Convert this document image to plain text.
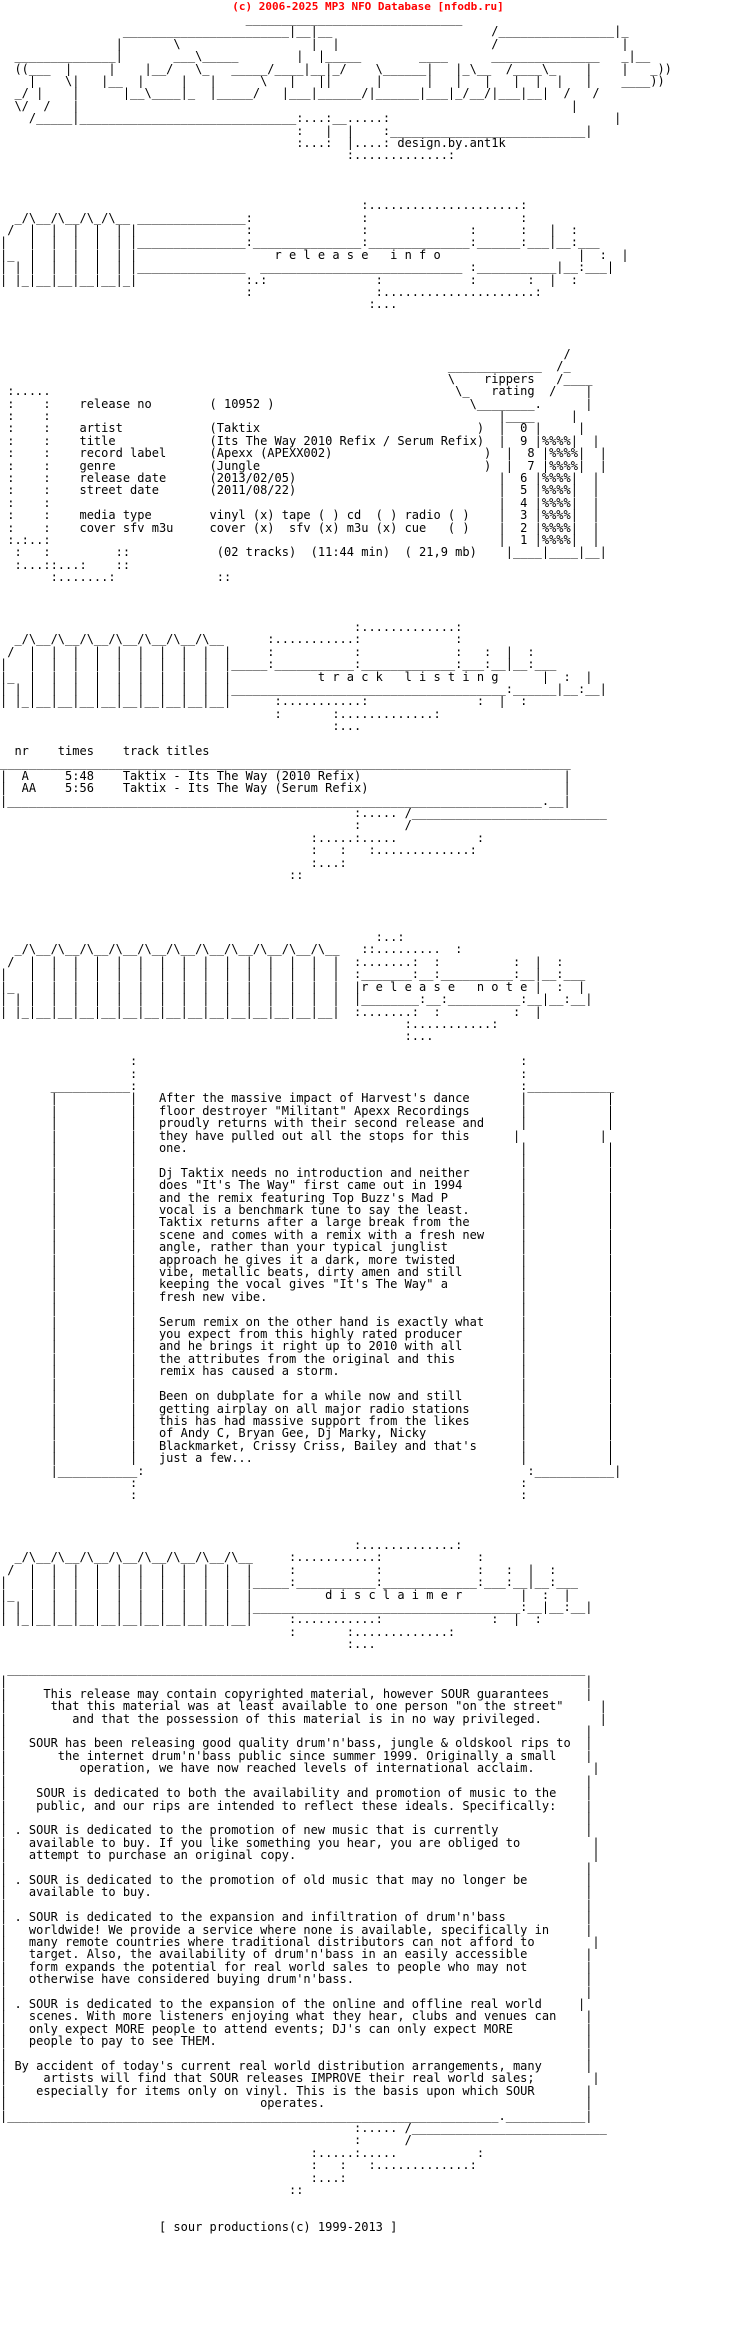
(c) 2006-2025 MP3 NFO Database [nfodb.ru]
______________________________
_______________________|__|__                      /________________|_
|       \                  |  |                     /                 |
______________|       ___\_____        |  |_____        ____      _______________   _|__
((___  |     |    |__/   \_   _____/____|__|_/    \______|   |_\__  /____\_    |    |   _))
|    \|   |__  |     |   |      \   |   ||      |      |   |   |   |  |  |   |    ____))
_/ |    |      |__\____|_  |_____/   |___|______/|______|___|_/__/|___|__|  /   /
\/  /   |                                                                    |
/_____|______________________________:...:__.....:                               |
:   |  |    :___________________________|
:...:  |....: design.by.ant1k
:.............:

:.....................:
_/\__/\__/\_/\__ _______________:               :                     :
/  |  |  |  |  | |               :               :              :      :   |  :
|   |  |  |  |  | |_______________:_______________:______________:______:___|__:___
|_  |  |  |  |  | |                   r e l e a s e   i n f o                   |  :  |
| | |  |  |  |  | |_______________  ____________________________ :___________|__:___|
| |_|__|__|__|__|_|               :.:               :            :       :  |  :
:                 :.....................:
:...

/
_____________  /_
\    rippers   /____
:.....                                                        \_   rating  /    |
:    :    release no        ( 10952 )                           \________.      |
:    :                                                              |____     |
:    :    artist            (Taktix                              )  |  0 |     |
:    :    title             (Its The Way 2010 Refix / Serum Refix)  |  9 |%%%%|  |
:    :    record label      (Apexx (APEXX002)                     )  |  8 |%%%%|  |
:    :    genre             (Jungle                               )  |  7 |%%%%|  |
:    :    release date      (2013/02/05)                            |  6 |%%%%|  |
:    :    street date       (2011/08/22)                            |  5 |%%%%|  |
:    :                                                              |  4 |%%%%|  |
:    :    media type        vinyl (x) tape ( ) cd  ( ) radio ( )    |  3 |%%%%|  |
:    :    cover sfv m3u     cover (x)  sfv (x) m3u (x) cue   ( )    |  2 |%%%%|  |
:.:..:                                                              |  1 |%%%%|  |
:   :         ::            (02 tracks)  (11:44 min)  ( 21,9 mb)    |____|____|__|
:...::...:    ::
:.......:              ::

:.............:
_/\__/\__/\__/\__/\__/\__/\__      :...........:             :
/  |  |  |  |  |  |  |  |  |  |     :           :             :   :  |  :
|   |  |  |  |  |  |  |  |  |  |_____:___________:_____________:___:__|__:___
|_  |  |  |  |  |  |  |  |  |  |            t r a c k   l i s t i n g      |  :  |
| | |  |  |  |  |  |  |  |  |  |______________________________________:______|__:__|
| |_|__|__|__|__|__|__|__|__|__|      :...........:               :  |  :
:       :.............:
:...

nr    times    track titles
_______________________________________________________________________________
|  A     5:48    Taktix - Its The Way (2010 Refix)                            |
|  AA    5:56    Taktix - Its The Way (Serum Refix)                           |
|__________________________________________________________________________.__|
:..... /___________________________
:      /
:.....:.....           :
:   :   :.............:
:...:
::

:..:
_/\__/\__/\__/\__/\__/\__/\__/\__/\__/\__/\__   ::.........  :
/  |  |  |  |  |  |  |  |  |  |  |  |  |  |  |  :.......:  :          :  |  :
|   |  |  |  |  |  |  |  |  |  |  |  |  |  |  |  :_______:__:__________:__|__:___
|_  |  |  |  |  |  |  |  |  |  |  |  |  |  |  |  |r e l e a s e   n o t e |  :  |
| | |  |  |  |  |  |  |  |  |  |  |  |  |  |  |  |________:__:__________:__|__:__|
| |_|__|__|__|__|__|__|__|__|__|__|__|__|__|__|  :.......:  :          :  |
:...........:
:...

:                                                     :
:                                                     :
___________:                                                     :____________
|          |   After the massive impact of Harvest's dance       |           |
|          |   floor destroyer "Militant" Apexx Recordings       |           |
|          |   proudly returns with their second release and     |           |
|          |   they have pulled out all the stops for this      |           |
|          |   one.                                              |           |
|          |                                                     |           |
|          |   Dj Taktix needs no introduction and neither       |           |
|          |   does "It's The Way" first came out in 1994        |           |
|          |   and the remix featuring Top Buzz's Mad P          |           |
|          |   vocal is a benchmark tune to say the least.       |           |
|          |   Taktix returns after a large break from the       |           |
|          |   scene and comes with a remix with a fresh new     |           |
|          |   angle, rather than your typical junglist          |           |
|          |   approach he gives it a dark, more twisted         |           |
|          |   vibe, metallic beats, dirty amen and still        |           |
|          |   keeping the vocal gives "It's The Way" a          |           |
|          |   fresh new vibe.                                   |           |
|          |                                                     |           |
|          |   Serum remix on the other hand is exactly what     |           |
|          |   you expect from this highly rated producer        |           |
|          |   and he brings it right up to 2010 with all        |           |
|          |   the attributes from the original and this         |           |
|          |   remix has caused a storm.                         |           |
|          |                                                     |           |
|          |   Been on dubplate for a while now and still        |           |
|          |   getting airplay on all major radio stations       |           |
|          |   this has had massive support from the likes       |           |
|          |   of Andy C, Bryan Gee, Dj Marky, Nicky             |           |
|          |   Blackmarket, Crissy Criss, Bailey and that's      |           |
|          |   just a few...                                     |           |
|___________:                                                     :___________|
:                                                     :
:                                                     :

:.............:
_/\__/\__/\__/\__/\__/\__/\__/\__     :...........:             :
/  |  |  |  |  |  |  |  |  |  |  |     :           :             :   :  |  :
|   |  |  |  |  |  |  |  |  |  |  |_____:___________:_____________:___:__|__:___
|_  |  |  |  |  |  |  |  |  |  |  |          d i s c l a i m e r        |  :  |
| | |  |  |  |  |  |  |  |  |  |  |_____________________________________:__|__:__|
| |_|__|__|__|__|__|__|__|__|__|__|     :...........:               :  |  :
:       :.............:
:...

________________________________________________________________________________
|                                                                                |
|     This release may contain copyrighted material, however SOUR guarantees     |
|      that this material was at least available to one person "on the street"     |
|         and that the possession of this material is in no way privileged.        |
|                                                                                |
|   SOUR has been releasing good quality drum'n'bass, jungle & oldskool rips to  |
|       the internet drum'n'bass public since summer 1999. Originally a small    |
|          operation, we have now reached levels of international acclaim.        |
|                                                                                |
|    SOUR is dedicated to both the availability and promotion of music to the    |
|    public, and our rips are intended to reflect these ideals. Specifically:    |
|                                                                                |
| . SOUR is dedicated to the promotion of new music that is currently            |
|   available to buy. If you like something you hear, you are obliged to          |
|   attempt to purchase an original copy.                                         |
|                                                                                |
| . SOUR is dedicated to the promotion of old music that may no longer be        |
|   available to buy.                                                            |
|                                                                                |
| . SOUR is dedicated to the expansion and infiltration of drum'n'bass           |
|   worldwide! We provide a service where none is available, specifically in     |
|   many remote countries where traditional distributors can not afford to        |
|   target. Also, the availability of drum'n'bass in an easily accessible        |
|   form expands the potential for real world sales to people who may not        |
|   otherwise have considered buying drum'n'bass.                                |
|                                                                                |
| . SOUR is dedicated to the expansion of the online and offline real world     |
|   scenes. With more listeners enjoying what they hear, clubs and venues can    |
|   only expect MORE people to attend events; DJ's can only expect MORE          |
|   people to pay to see THEM.                                                   |
|                                                                                |
| By accident of today's current real world distribution arrangements, many      |
|     artists will find that SOUR releases IMPROVE their real world sales;        |
|    especially for items only on vinyl. This is the basis upon which SOUR       |
|                                   operates.                                    |
|____________________________________________________________________.___________|
:..... /___________________________
:      /
:.....:.....           :
:   :   :.............:
:...:
::

[ sour productions(c) 1999-2013 ]
